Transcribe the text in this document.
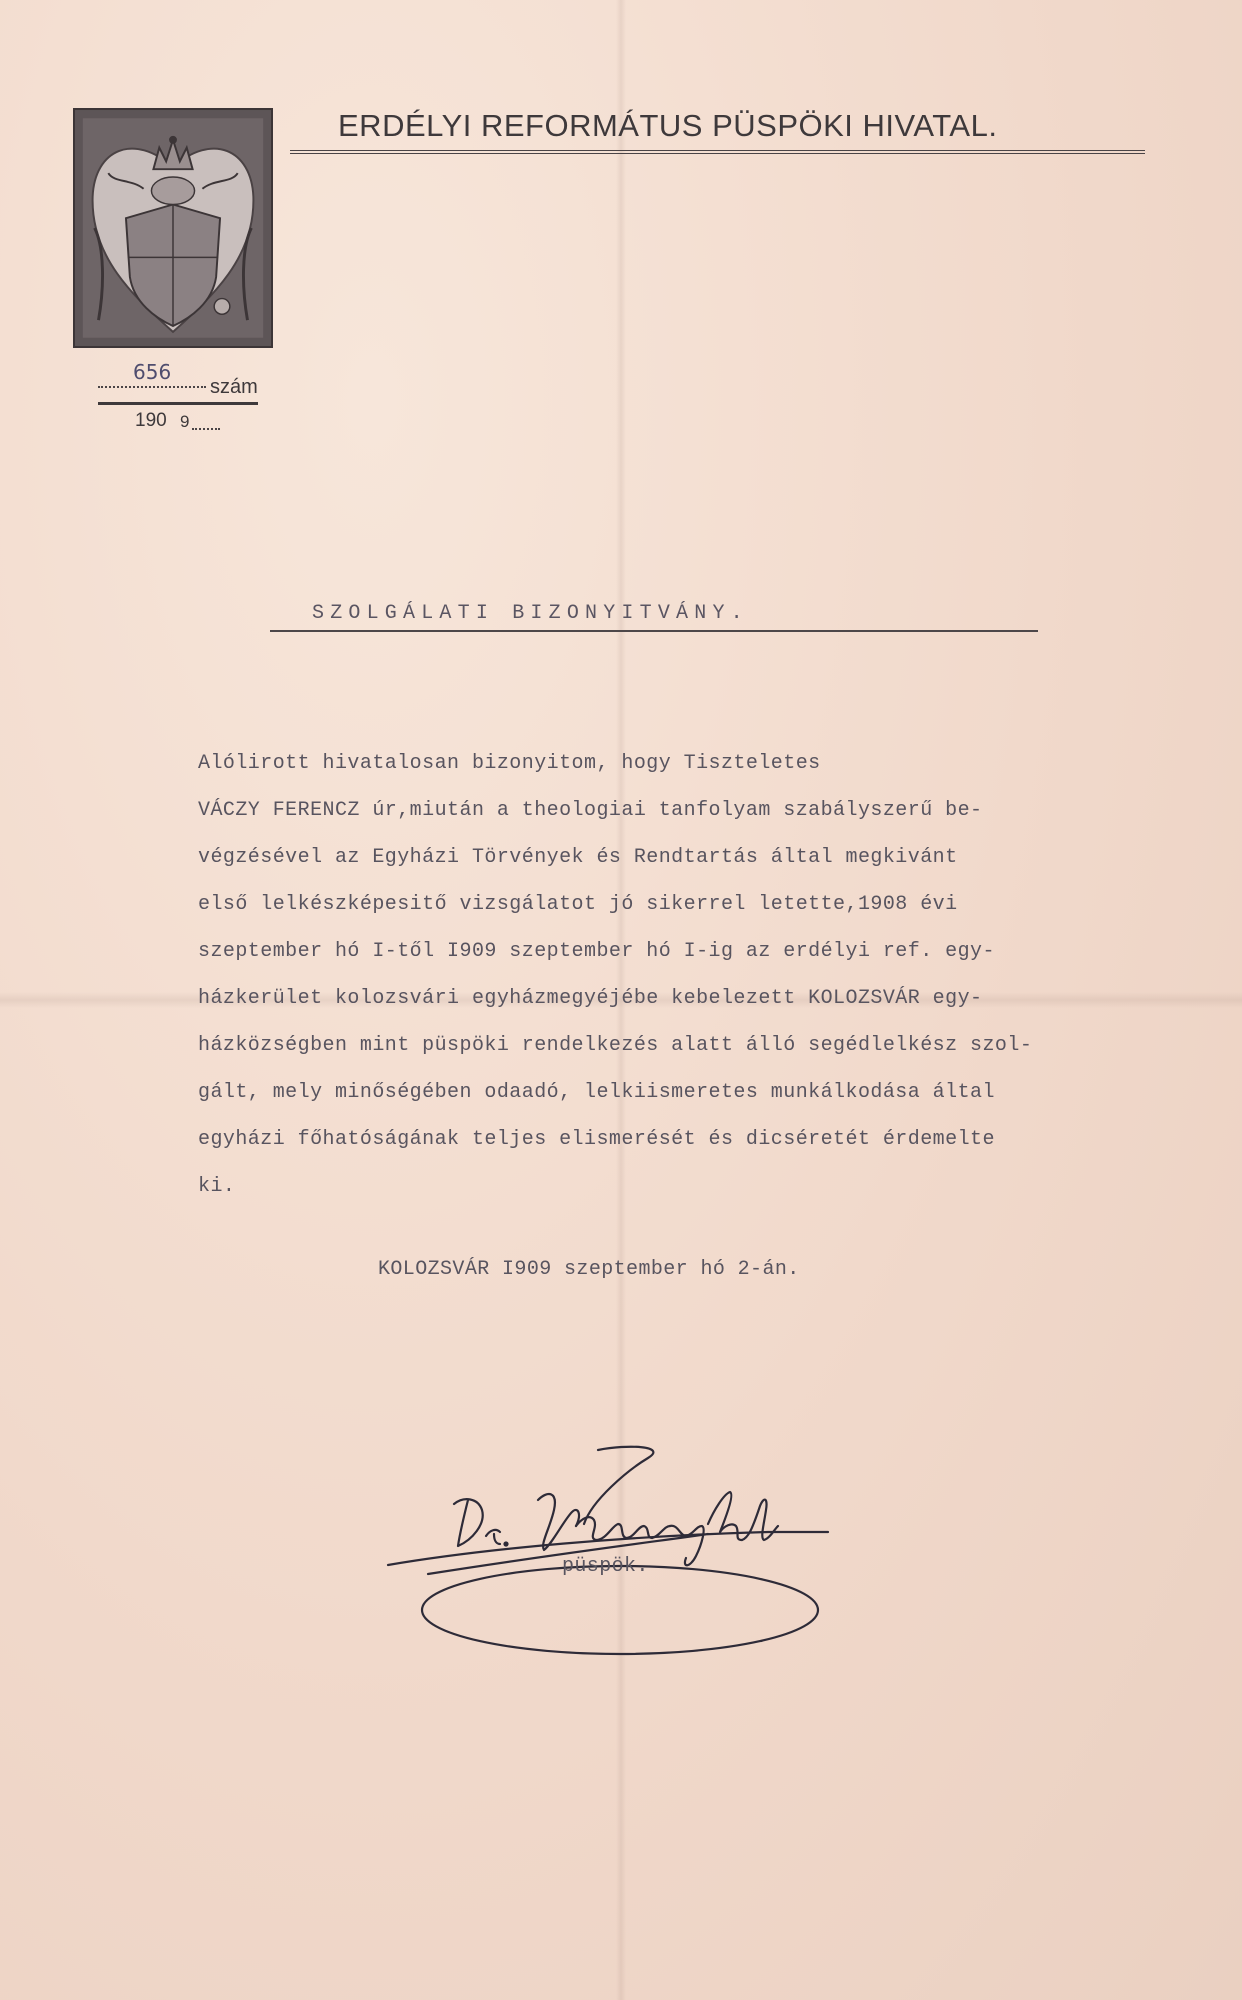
ERDÉLYI REFORMÁTUS PÜSPÖKI HIVATAL.
656
szám
190 9
SZOLGÁLATI BIZONYITVÁNY.
Alólirott hivatalosan bizonyitom, hogy Tiszteletes
VÁCZY FERENCZ úr,miután a theologiai tanfolyam szabályszerű be-
végzésével az Egyházi Törvények és Rendtartás által megkivánt
első lelkészképesitő vizsgálatot jó sikerrel letette,1908 évi
szeptember hó I-től I909 szeptember hó I-ig az erdélyi ref. egy-
házkerület kolozsvári egyházmegyéjébe kebelezett KOLOZSVÁR egy-
házközségben mint püspöki rendelkezés alatt álló segédlelkész szol-
gált, mely minőségében odaadó, lelkiismeretes munkálkodása által
egyházi főhatóságának teljes elismerését és dicséretét érdemelte
ki.
KOLOZSVÁR I909 szeptember hó 2-án.
püspök.
